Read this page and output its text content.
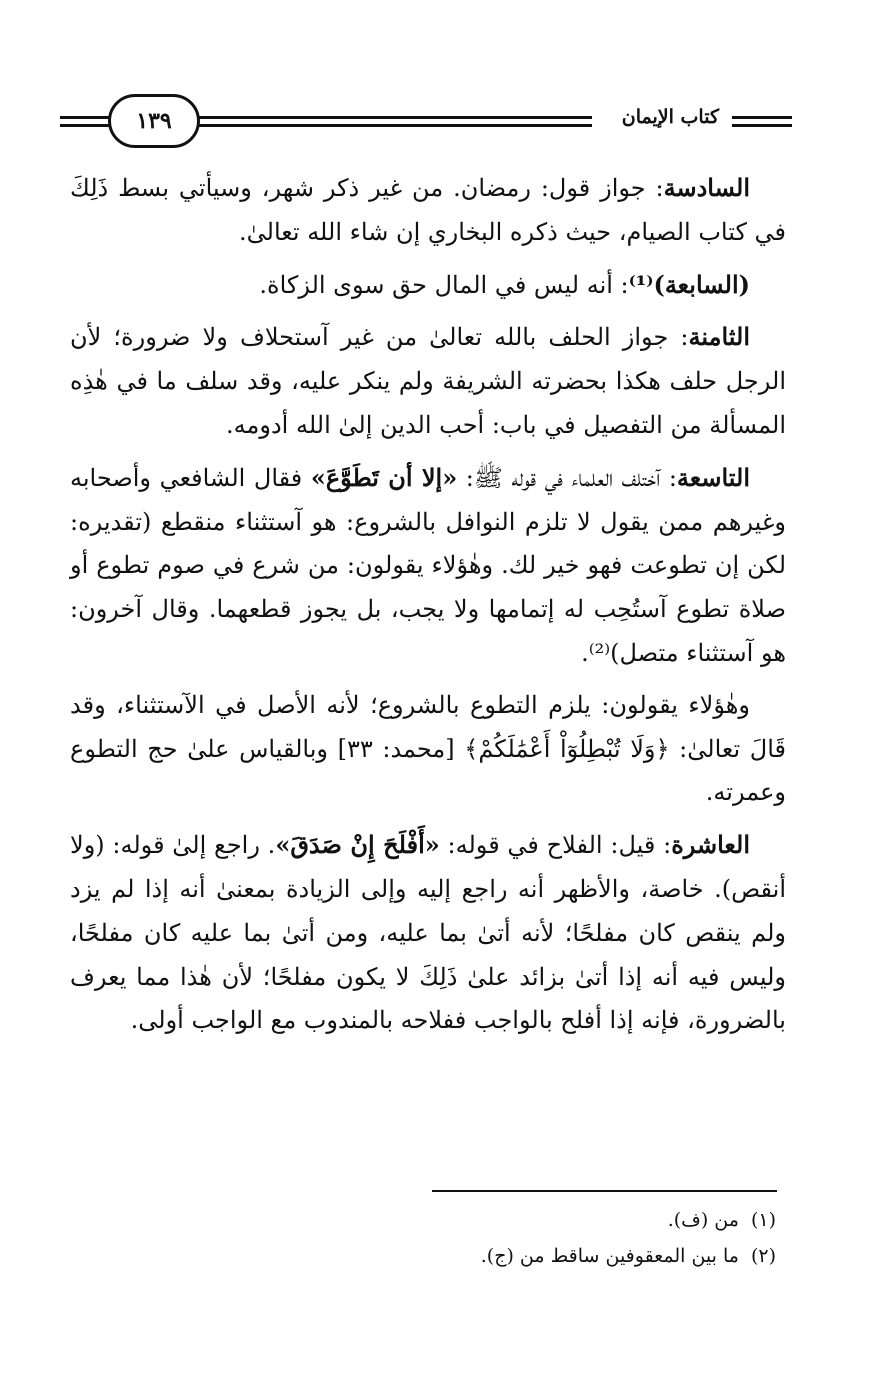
كتاب الإيمان
١٣٩

السادسة: جواز قول: رمضان. من غير ذكر شهر، وسيأتي بسط ذَلِكَ في كتاب الصيام، حيث ذكره البخاري إن شاء الله تعالىٰ.

(السابعة)⁽¹⁾: أنه ليس في المال حق سوى الزكاة.

الثامنة: جواز الحلف بالله تعالىٰ من غير آستحلاف ولا ضرورة؛ لأن الرجل حلف هكذا بحضرته الشريفة ولم ينكر عليه، وقد سلف ما في هٰذِه المسألة من التفصيل في باب: أحب الدين إلىٰ الله أدومه.

التاسعة: آختلف العلماء في قوله ﷺ: «إلا أن تَطَوَّعَ» فقال الشافعي وأصحابه وغيرهم ممن يقول لا تلزم النوافل بالشروع: هو آستثناء منقطع (تقديره: لكن إن تطوعت فهو خير لك. وهٰؤلاء يقولون: من شرع في صوم تطوع أو صلاة تطوع آستُحِب له إتمامها ولا يجب، بل يجوز قطعهما. وقال آخرون: هو آستثناء متصل)⁽²⁾.

وهٰؤلاء يقولون: يلزم التطوع بالشروع؛ لأنه الأصل في الآستثناء، وقد قَالَ تعالىٰ: ﴿وَلَا تُبْطِلُوٓاْ أَعْمَٰلَكُمْ﴾ [محمد: ٣٣] وبالقياس علىٰ حج التطوع وعمرته.

العاشرة: قيل: الفلاح في قوله: «أَفْلَحَ إِنْ صَدَقَ». راجع إلىٰ قوله: (ولا أنقص). خاصة، والأظهر أنه راجع إليه وإلى الزيادة بمعنىٰ أنه إذا لم يزد ولم ينقص كان مفلحًا؛ لأنه أتىٰ بما عليه، ومن أتىٰ بما عليه كان مفلحًا، وليس فيه أنه إذا أتىٰ بزائد علىٰ ذَلِكَ لا يكون مفلحًا؛ لأن هٰذا مما يعرف بالضرورة، فإنه إذا أفلح بالواجب ففلاحه بالمندوب مع الواجب أولى.

(١)من (ف).
(٢)ما بين المعقوفين ساقط من (ج).
